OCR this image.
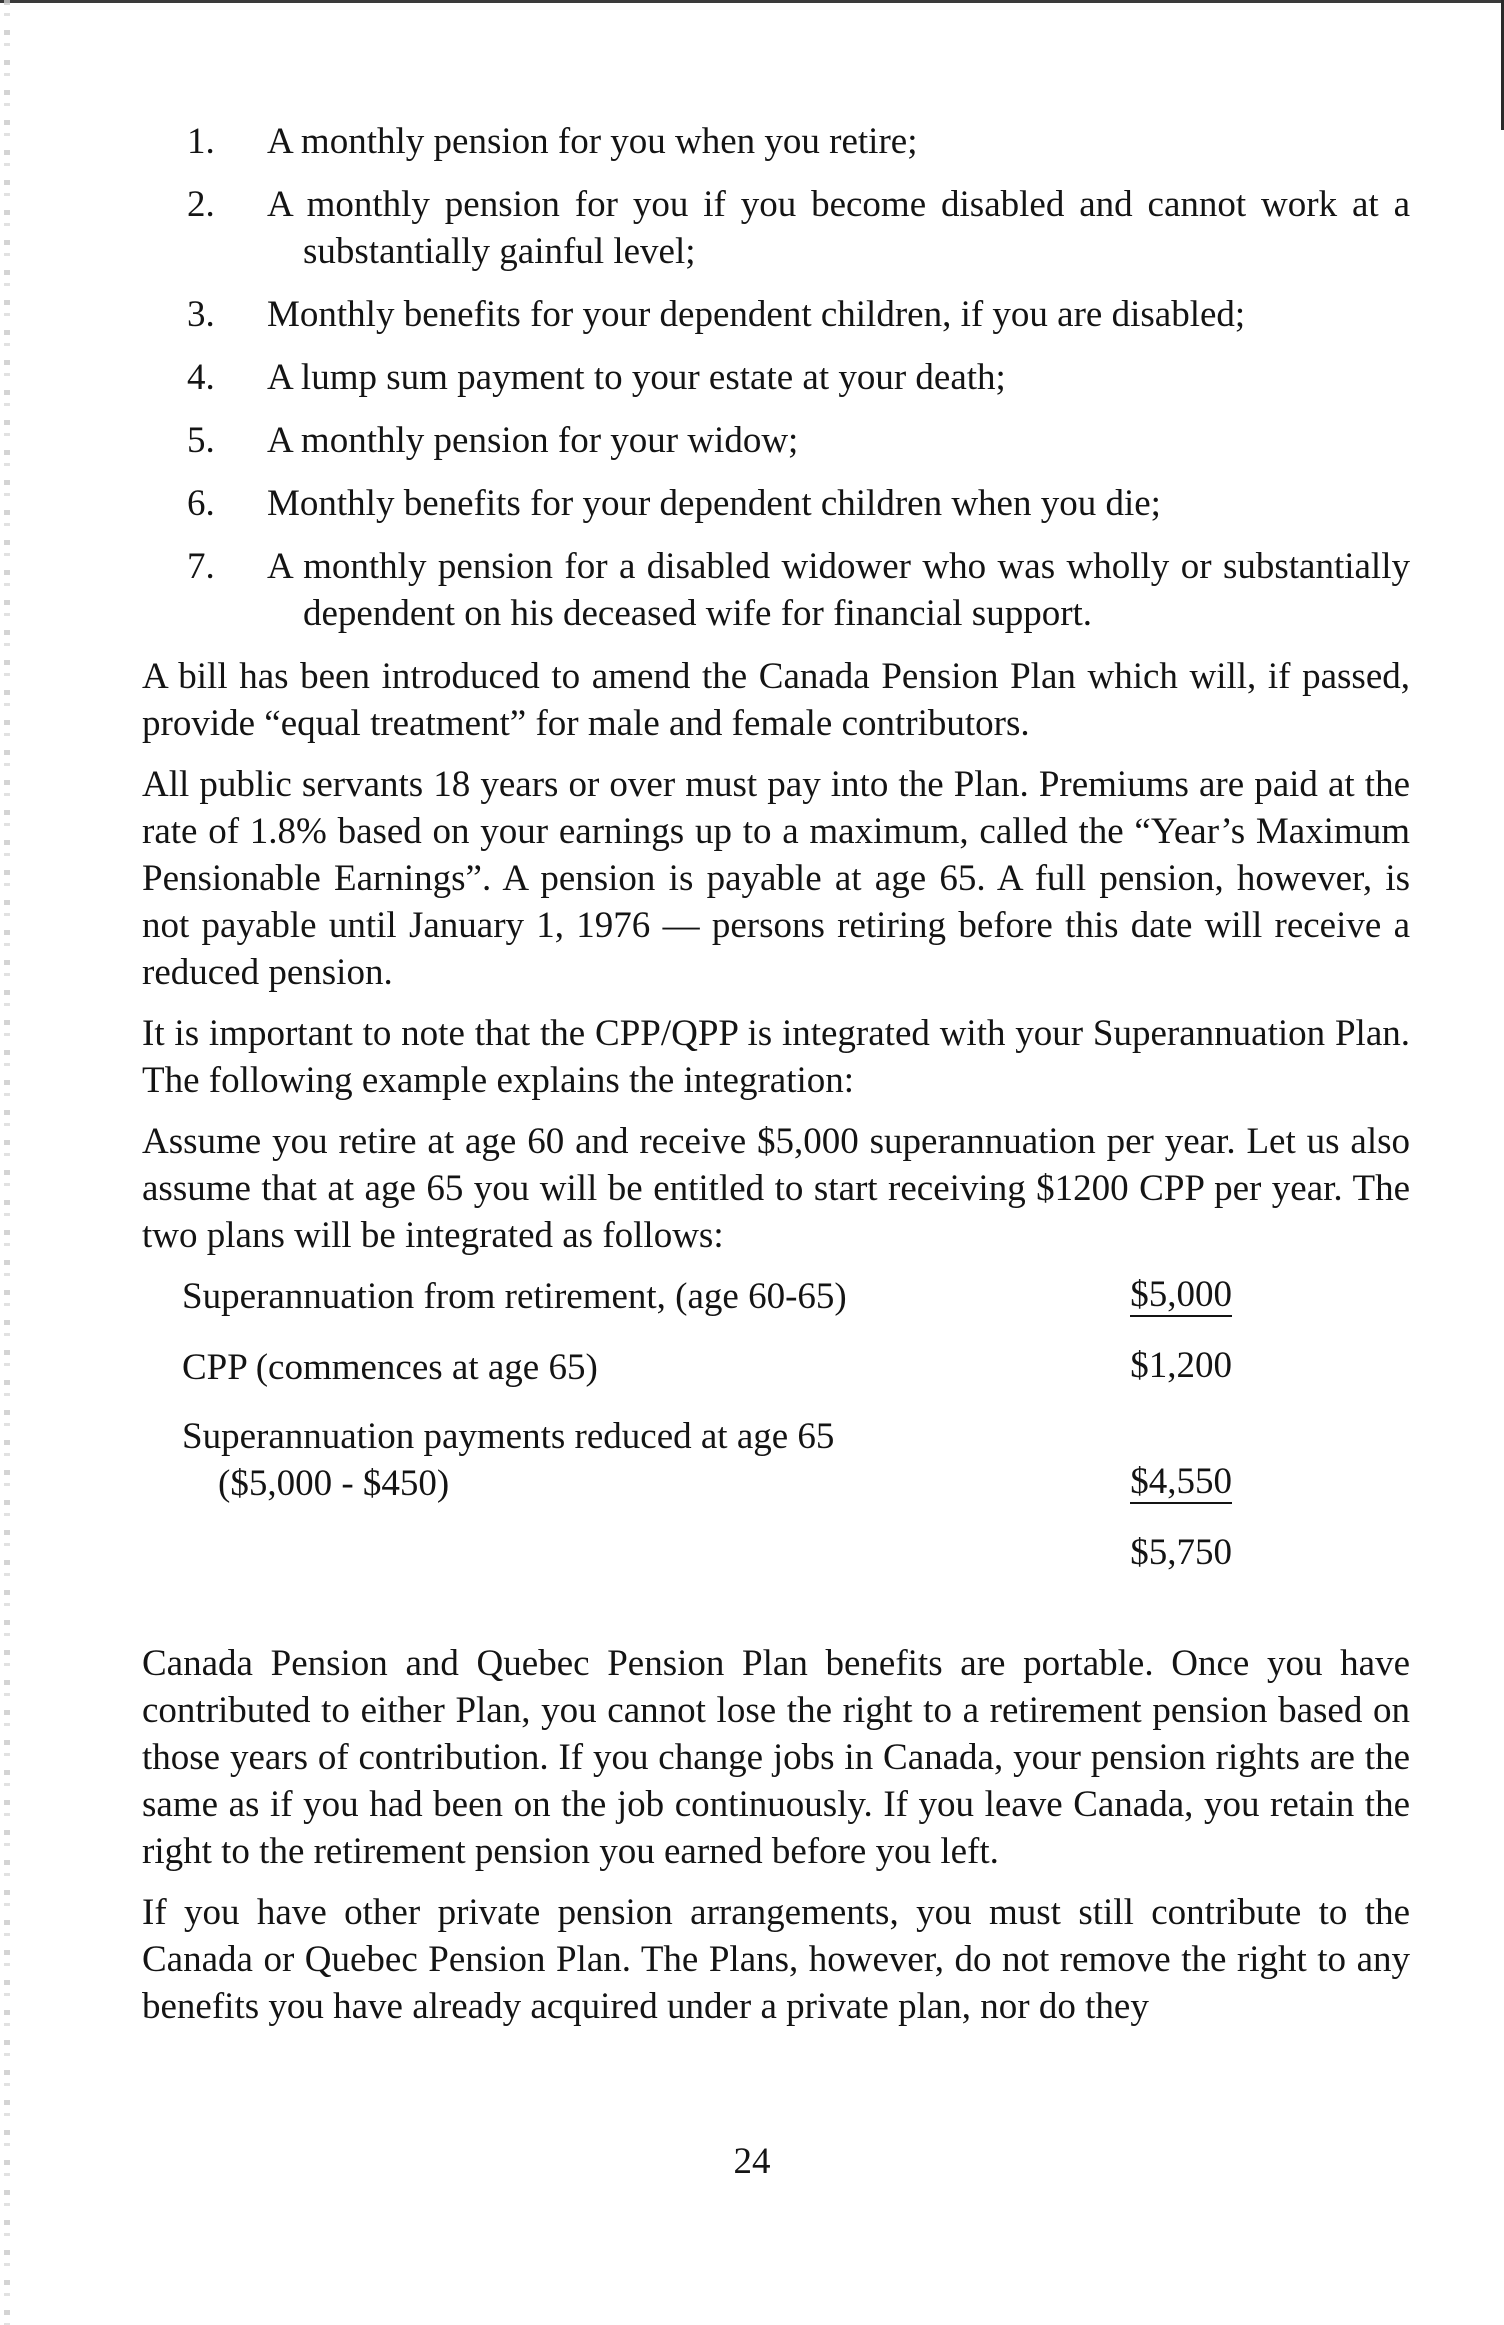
1.	A monthly pension for you when you retire;
2.	A monthly pension for you if you become disabled and cannot work at a substantially gainful level;
3.	Monthly benefits for your dependent children, if you are disabled;
4.	A lump sum payment to your estate at your death;
5.	A monthly pension for your widow;
6.	Monthly benefits for your dependent children when you die;
7.	A monthly pension for a disabled widower who was wholly or substantially dependent on his deceased wife for financial support.

A bill has been introduced to amend the Canada Pension Plan which will, if passed, provide “equal treatment” for male and female contributors.

All public servants 18 years or over must pay into the Plan. Premiums are paid at the rate of 1.8% based on your earnings up to a maximum, called the “Year’s Maximum Pensionable Earnings”. A pension is payable at age 65. A full pension, however, is not payable until January 1, 1976 — persons retiring before this date will receive a reduced pension.

It is important to note that the CPP/QPP is integrated with your Superannuation Plan. The following example explains the integration:

Assume you retire at age 60 and receive $5,000 superannuation per year. Let us also assume that at age 65 you will be entitled to start receiving $1200 CPP per year. The two plans will be integrated as follows:

Superannuation from retirement, (age 60-65)	$5,000
CPP (commences at age 65)	$1,200
Superannuation payments reduced at age 65
($5,000 - $450)	$4,550
$5,750

Canada Pension and Quebec Pension Plan benefits are portable. Once you have contributed to either Plan, you cannot lose the right to a retirement pension based on those years of contribution. If you change jobs in Canada, your pension rights are the same as if you had been on the job continuously. If you leave Canada, you retain the right to the retirement pension you earned before you left.

If you have other private pension arrangements, you must still contribute to the Canada or Quebec Pension Plan. The Plans, however, do not remove the right to any benefits you have already acquired under a private plan, nor do they

24
